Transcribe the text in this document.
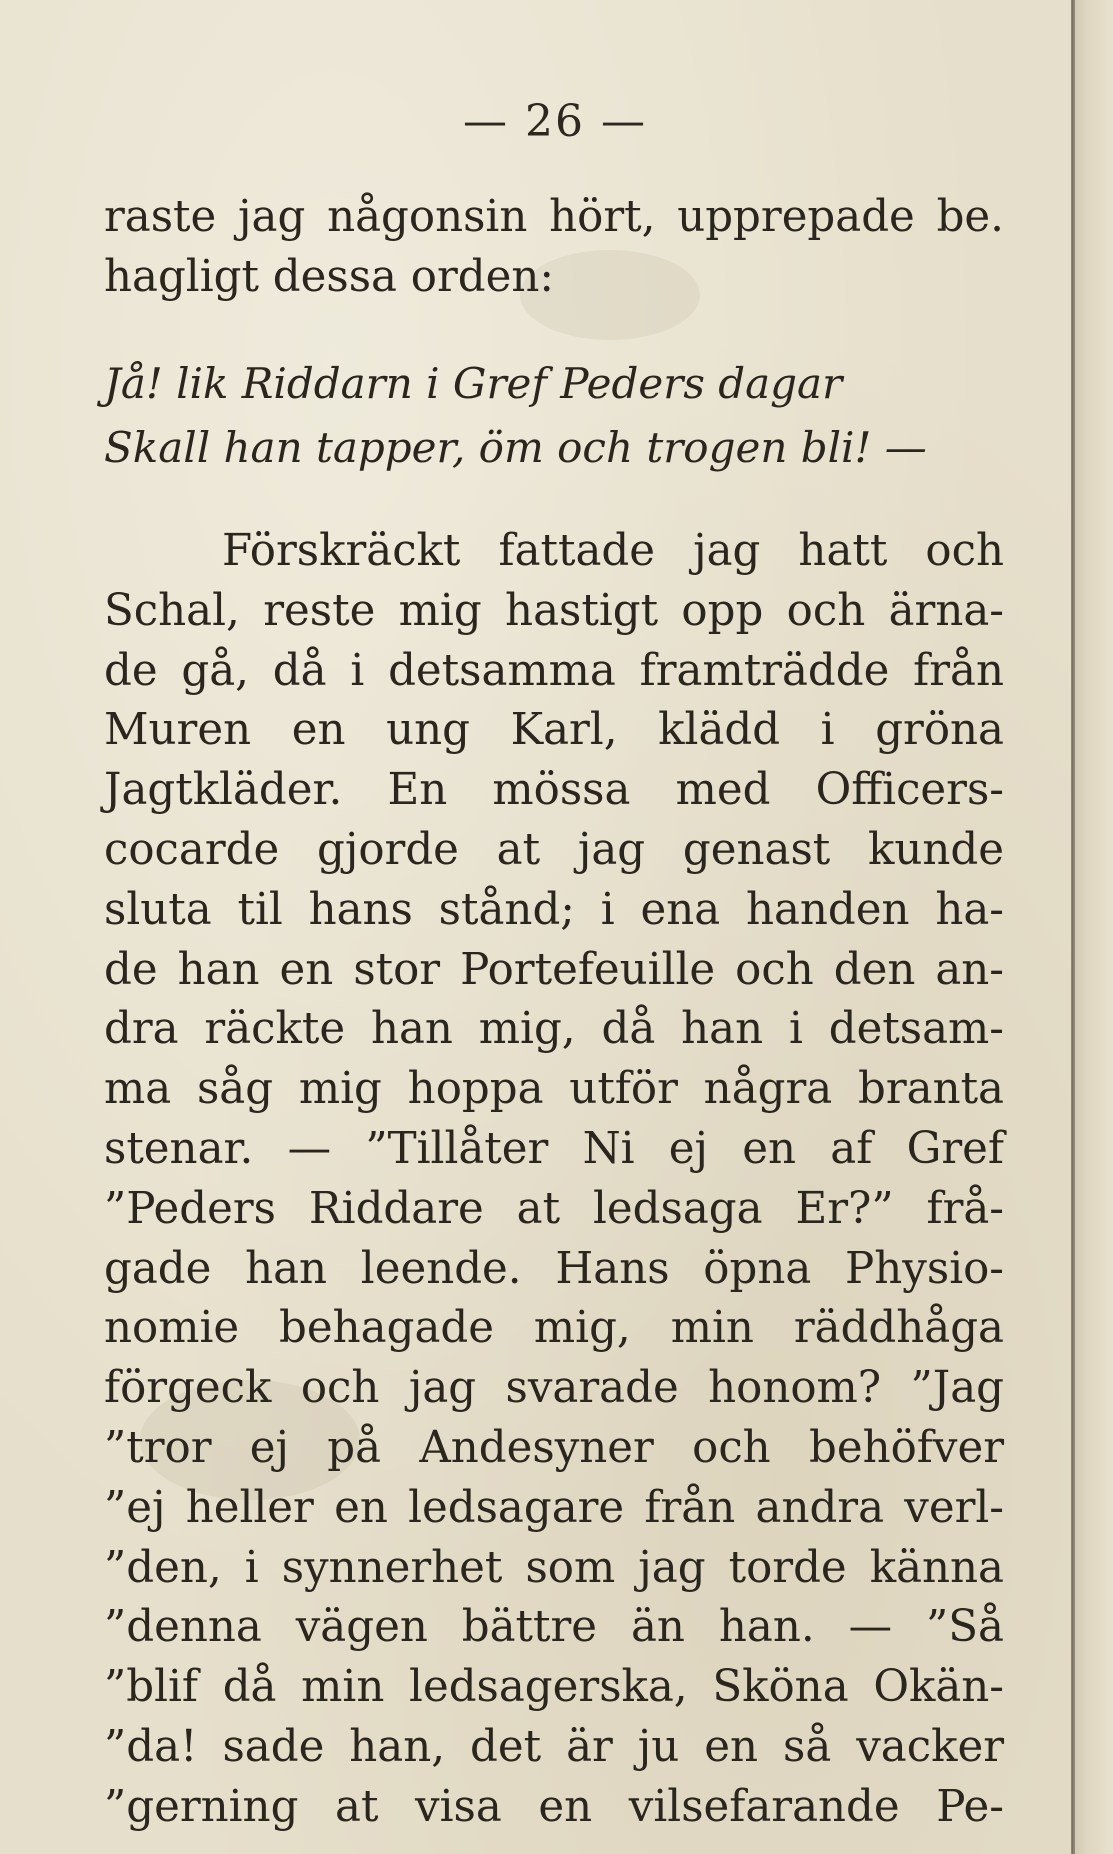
— 26 —
raste jag någonsin hört, upprepade be.
hagligt dessa orden:
Jå! lik Riddarn i Gref Peders dagar
Skall han tapper, öm och trogen bli! —
Förskräckt fattade jag hatt och
Schal, reste mig hastigt opp och ärna-
de gå, då i detsamma framträdde från
Muren en ung Karl, klädd i gröna
Jagtkläder. En mössa med Officers-
cocarde gjorde at jag genast kunde
sluta til hans stånd; i ena handen ha-
de han en stor Portefeuille och den an-
dra räckte han mig, då han i detsam-
ma såg mig hoppa utför några branta
stenar. — ”Tillåter Ni ej en af Gref
”Peders Riddare at ledsaga Er?” frå-
gade han leende. Hans öpna Physio-
nomie behagade mig, min räddhåga
förgeck och jag svarade honom? ”Jag
”tror ej på Andesyner och behöfver
”ej heller en ledsagare från andra verl-
”den, i synnerhet som jag torde känna
”denna vägen bättre än han. — ”Så
”blif då min ledsagerska, Sköna Okän-
”da! sade han, det är ju en så vacker
”gerning at visa en vilsefarande Pe-
